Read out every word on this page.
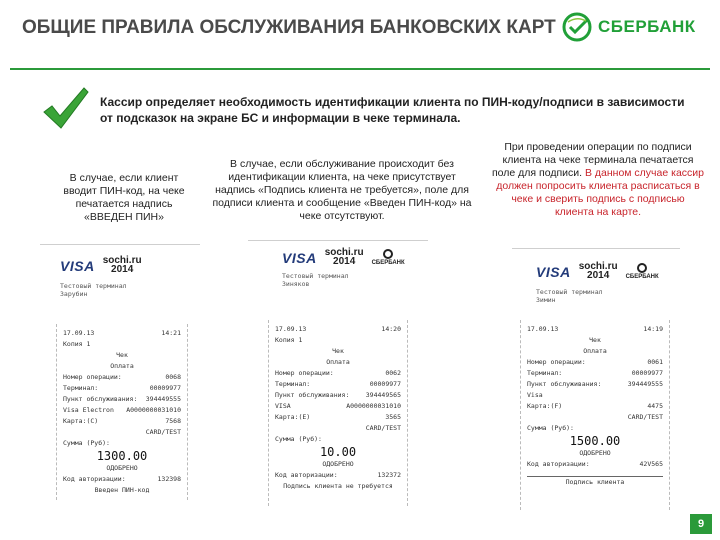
ОБЩИЕ ПРАВИЛА ОБСЛУЖИВАНИЯ БАНКОВСКИХ КАРТ	СБЕРБАНК
Кассир определяет необходимость идентификации клиента по ПИН-коду/подписи в зависимости от подсказок на экране БС и информации в чеке терминала.
В случае, если клиент вводит ПИН-код, на чеке печатается надпись «ВВЕДЕН ПИН»
В случае, если обслуживание происходит без идентификации клиента, на чеке присутствует надпись «Подпись клиента не требуется», поле для подписи клиента и сообщение «Введен ПИН-код» на чеке отсутствуют.

При проведении операции по подписи клиента на чеке терминала печатается поле для подписи.

В данном случае кассир должен попросить клиента расписаться в чеке и сверить подпись с подписью клиента на карте.

VISA sochi.ru
2014
Тестовый терминал
Зарубин
17.09.13	14:21
Копия 1
Чек
Оплата
Номер операции:	0068
Терминал:	00009977
Пункт обслуживания: 394449555
Visa Electron A0000000031010
Карта:(C)	7568
CARD/TEST
Сумма (Руб):
1300.00
ОДОБРЕНО
Код авторизации:	132398
Введен ПИН-код
VISA sochi.ru
2014	СБЕРБАНК
Тестовый терминал
Зиняков
17.09.13	14:20
Копия 1
Чек
Оплата
Номер операции:	0062
Терминал:	00009977
Пункт обслуживания:	394449565
VISA	A0000000031010
Карта:(E)	3565
CARD/TEST
Сумма (Руб):
10.00
ОДОБРЕНО
Код авторизации:	132372
Подпись клиента не требуется
VISA sochi.ru
2014	СБЕРБАНК
Тестовый терминал
Зимин
17.09.13	14:19
Чек
Оплата
Номер операции:	0061
Терминал:	00009977
Пункт обслуживания:	394449555
Visa
Карта:(F)	4475
CARD/TEST
Сумма (Руб):
1500.00
ОДОБРЕНО
Код авторизации:	42V565
Подпись клиента
9
